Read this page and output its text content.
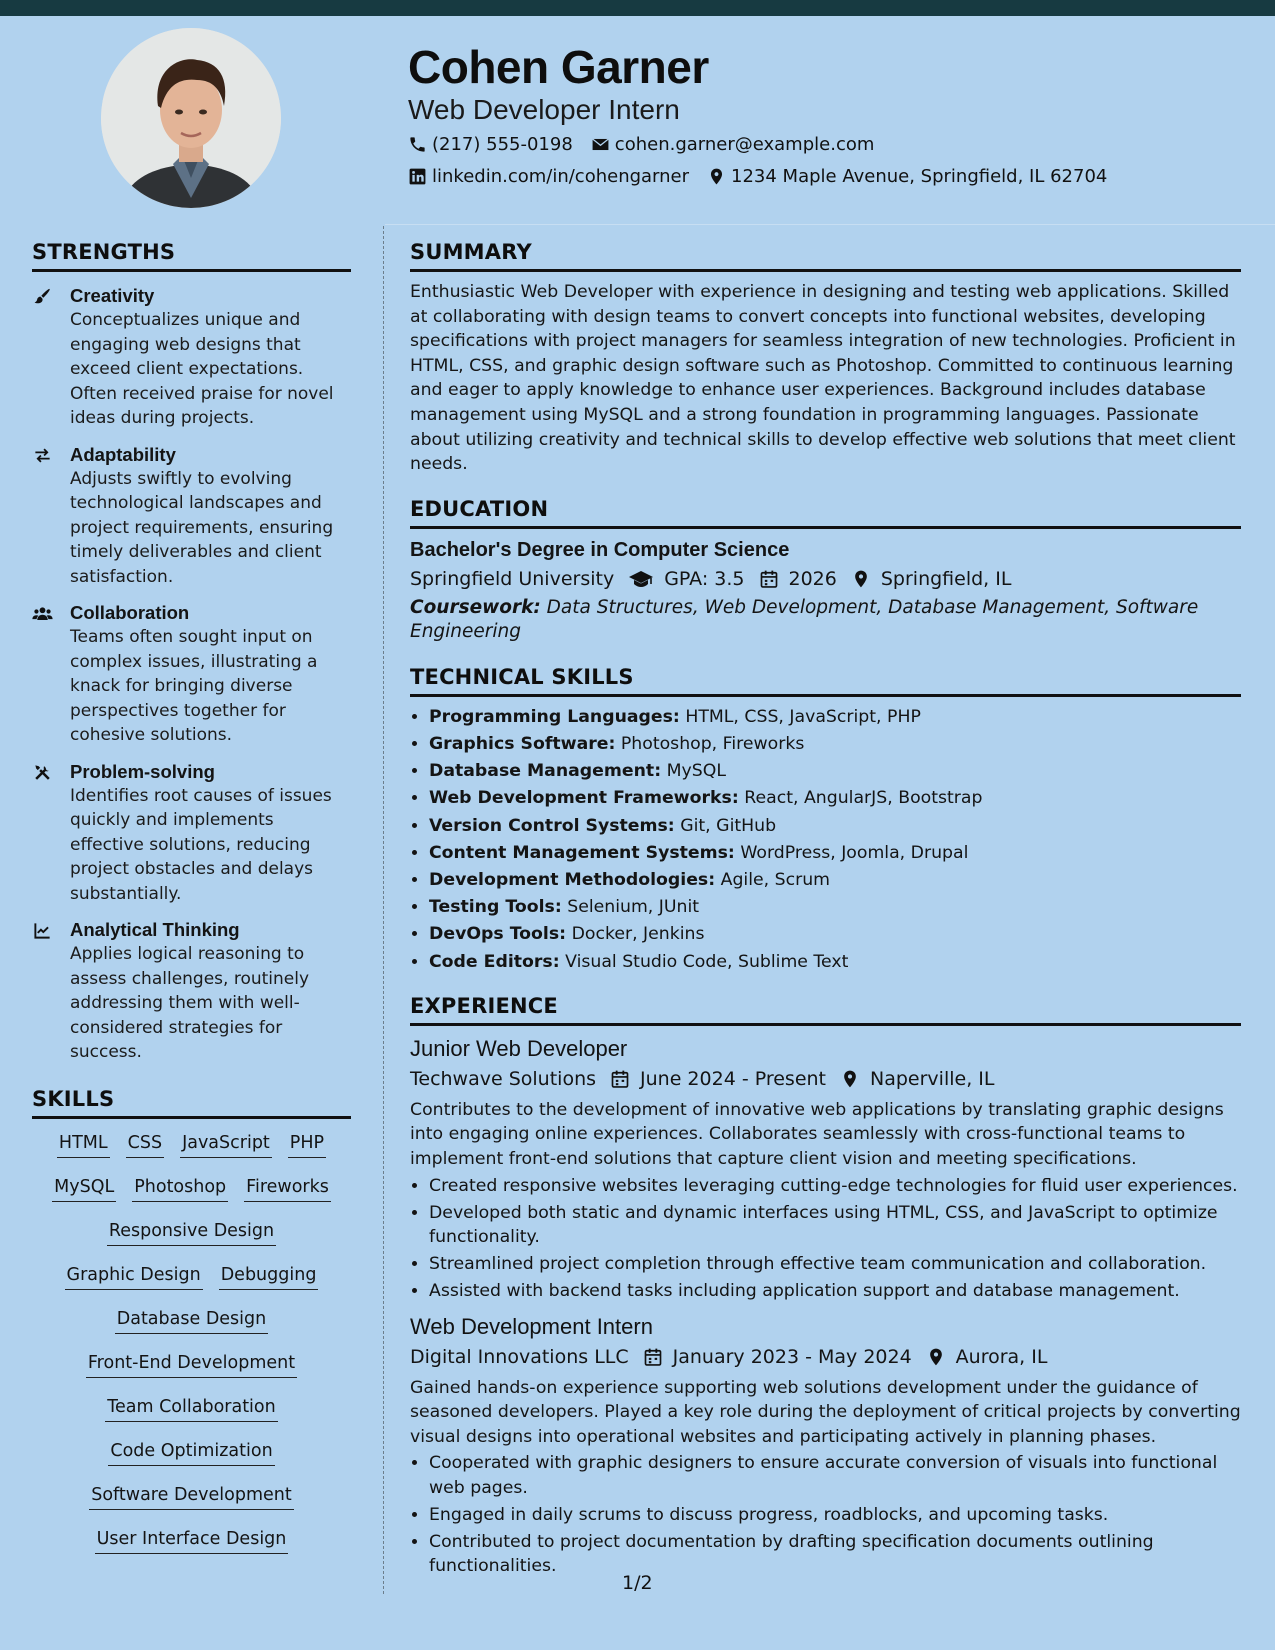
Cohen Garner
Web Developer Intern
(217) 555-0198 cohen.garner@example.com
linkedin.com/in/cohengarner 1234 Maple Avenue, Springfield, IL 62704
STRENGTHS
Creativity
Conceptualizes unique and engaging web designs that exceed client expectations. Often received praise for novel ideas during projects.
Adaptability
Adjusts swiftly to evolving technological landscapes and project requirements, ensuring timely deliverables and client satisfaction.
Collaboration
Teams often sought input on complex issues, illustrating a knack for bringing diverse perspectives together for cohesive solutions.
Problem-solving
Identifies root causes of issues quickly and implements effective solutions, reducing project obstacles and delays substantially.
Analytical Thinking
Applies logical reasoning to assess challenges, routinely addressing them with well-considered strategies for success.
SKILLS
HTML CSS JavaScript PHP
MySQL Photoshop Fireworks
Responsive Design
Graphic Design Debugging
Database Design
Front-End Development
Team Collaboration
Code Optimization
Software Development
User Interface Design
SUMMARY

Enthusiastic Web Developer with experience in designing and testing web applications. Skilled at collaborating with design teams to convert concepts into functional websites, developing specifications with project managers for seamless integration of new technologies. Proficient in HTML, CSS, and graphic design software such as Photoshop. Committed to continuous learning and eager to apply knowledge to enhance user experiences. Background includes database management using MySQL and a strong foundation in programming languages. Passionate about utilizing creativity and technical skills to develop effective web solutions that meet client needs.

EDUCATION
Bachelor's Degree in Computer Science
Springfield University	GPA: 3.5 2026 Springfield, IL
Coursework: Data Structures, Web Development, Database Management, Software Engineering
TECHNICAL SKILLS
• Programming Languages: HTML, CSS, JavaScript, PHP
• Graphics Software: Photoshop, Fireworks
• Database Management: MySQL
• Web Development Frameworks: React, AngularJS, Bootstrap
• Version Control Systems: Git, GitHub
• Content Management Systems: WordPress, Joomla, Drupal
• Development Methodologies: Agile, Scrum
• Testing Tools: Selenium, JUnit
• DevOps Tools: Docker, Jenkins
• Code Editors: Visual Studio Code, Sublime Text
EXPERIENCE
Junior Web Developer
Techwave Solutions June 2024 - Present Naperville, IL

Contributes to the development of innovative web applications by translating graphic designs into engaging online experiences. Collaborates seamlessly with cross-functional teams to implement front-end solutions that capture client vision and meeting specifications.

• Created responsive websites leveraging cutting-edge technologies for fluid user experiences.
• Developed both static and dynamic interfaces using HTML, CSS, and JavaScript to optimize functionality.
• Streamlined project completion through effective team communication and collaboration.
• Assisted with backend tasks including application support and database management.
Web Development Intern
Digital Innovations LLC January 2023 - May 2024 Aurora, IL

Gained hands-on experience supporting web solutions development under the guidance of seasoned developers. Played a key role during the deployment of critical projects by converting visual designs into operational websites and participating actively in planning phases.

• Cooperated with graphic designers to ensure accurate conversion of visuals into functional web pages.
• Engaged in daily scrums to discuss progress, roadblocks, and upcoming tasks.
• Contributed to project documentation by drafting specification documents outlining functionalities.
1/2
